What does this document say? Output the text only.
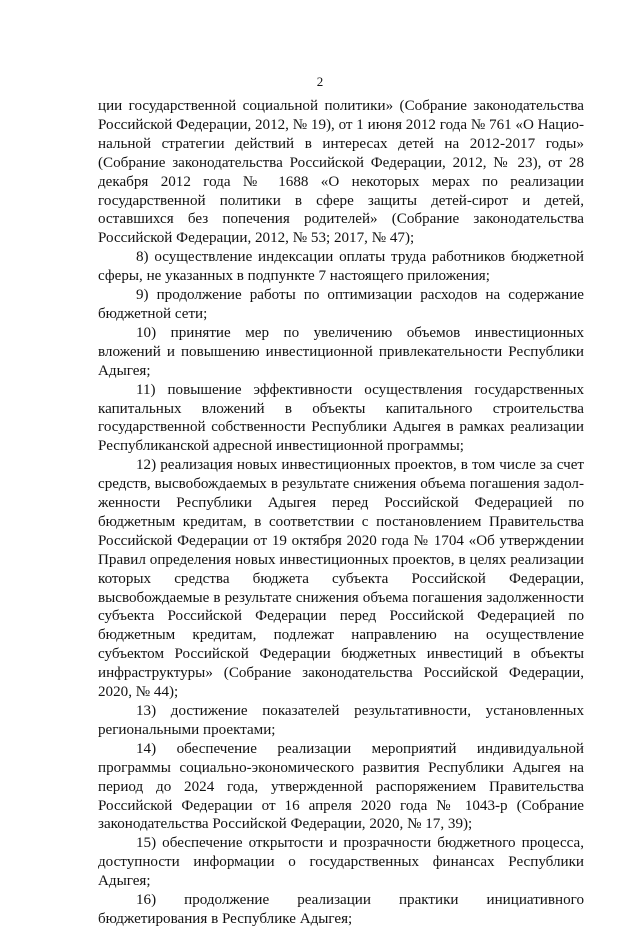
2

ции государственной социальной политики» (Собрание законодательства Российской Федерации, 2012, № 19), от 1 июня 2012 года № 761 «О Национальной стратегии действий в интересах детей на 2012-2017 годы» (Собрание законодательства Российской Федерации, 2012, № 23), от 28 декабря 2012 года № 1688 «О некоторых мерах по реализации государственной политики в сфере защиты детей-сирот и детей, оставшихся без попечения родителей» (Собрание законодательства Российской Федерации, 2012, № 53; 2017, № 47);

8) осуществление индексации оплаты труда работников бюджетной сферы, не указанных в подпункте 7 настоящего приложения;

9) продолжение работы по оптимизации расходов на содержание бюджетной сети;

10) принятие мер по увеличению объемов инвестиционных вложений и повышению инвестиционной привлекательности Республики Адыгея;

11) повышение эффективности осуществления государственных капитальных вложений в объекты капитального строительства государственной собственности Республики Адыгея в рамках реализации Республиканской адресной инвестиционной программы;

12) реализация новых инвестиционных проектов, в том числе за счет средств, высвобождаемых в результате снижения объема погашения задолженности Республики Адыгея перед Российской Федерацией по бюджетным кредитам, в соответствии с постановлением Правительства Российской Федерации от 19 октября 2020 года № 1704 «Об утверждении Правил определения новых инвестиционных проектов, в целях реализации которых средства бюджета субъекта Российской Федерации, высвобождаемые в результате снижения объема погашения задолженности субъекта Российской Федерации перед Российской Федерацией по бюджетным кредитам, подлежат направлению на осуществление субъектом Российской Федерации бюджетных инвестиций в объекты инфраструктуры» (Собрание законодательства Российской Федерации, 2020, № 44);

13) достижение показателей результативности, установленных региональными проектами;

14) обеспечение реализации мероприятий индивидуальной программы социально-экономического развития Республики Адыгея на период до 2024 года, утвержденной распоряжением Правительства Российской Федерации от 16 апреля 2020 года № 1043-р (Собрание законодательства Российской Федерации, 2020, № 17, 39);

15) обеспечение открытости и прозрачности бюджетного процесса, доступности информации о государственных финансах Республики Адыгея;

16) продолжение реализации практики инициативного бюджетирования в Республике Адыгея;
